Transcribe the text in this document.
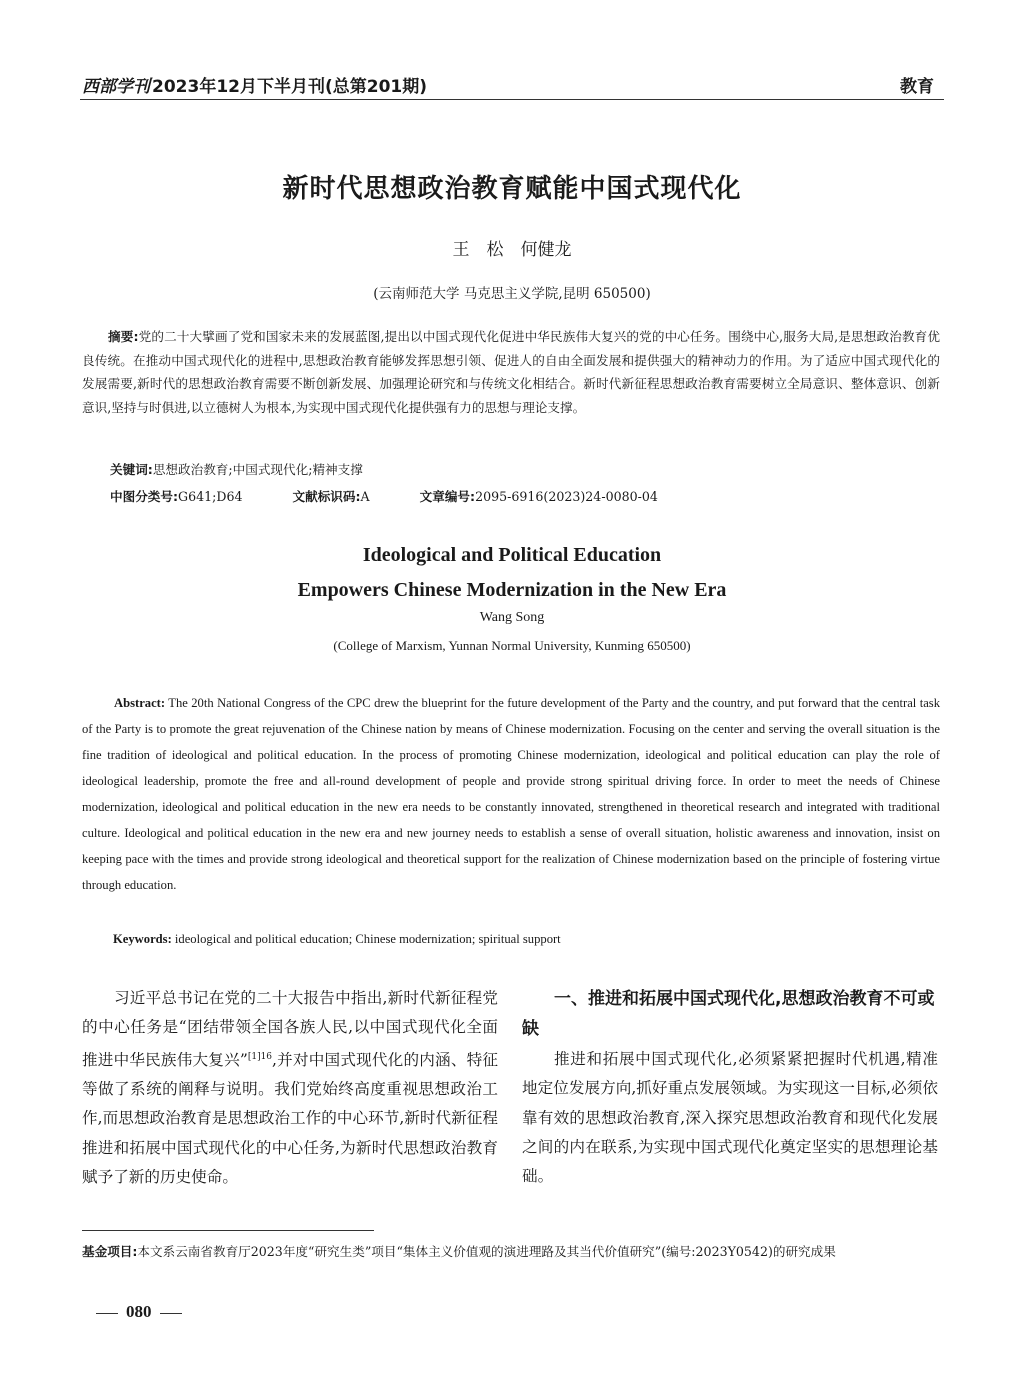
西部学刊 2023年12月下半月刊(总第201期)	教育
新时代思想政治教育赋能中国式现代化
王　松　何健龙
(云南师范大学 马克思主义学院,昆明 650500)
摘要:党的二十大擘画了党和国家未来的发展蓝图,提出以中国式现代化促进中华民族伟大复兴的党的中心任务。围绕中心,服务大局,是思想政治教育优良传统。在推动中国式现代化的进程中,思想政治教育能够发挥思想引领、促进人的自由全面发展和提供强大的精神动力的作用。为了适应中国式现代化的发展需要,新时代的思想政治教育需要不断创新发展、加强理论研究和与传统文化相结合。新时代新征程思想政治教育需要树立全局意识、整体意识、创新意识,坚持与时俱进,以立德树人为根本,为实现中国式现代化提供强有力的思想与理论支撑。
关键词:思想政治教育;中国式现代化;精神支撑
中图分类号:G641;D64	文献标识码:A	文章编号:2095-6916(2023)24-0080-04
Ideological and Political Education
Empowers Chinese Modernization in the New Era
Wang Song
(College of Marxism, Yunnan Normal University, Kunming 650500)
Abstract: The 20th National Congress of the CPC drew the blueprint for the future development of the Party and the country, and put forward that the central task of the Party is to promote the great rejuvenation of the Chinese nation by means of Chinese modernization. Focusing on the center and serving the overall situation is the fine tradition of ideological and political education. In the process of promoting Chinese modernization, ideological and political education can play the role of ideological leadership, promote the free and all-round development of people and provide strong spiritual driving force. In order to meet the needs of Chinese modernization, ideological and political education in the new era needs to be constantly innovated, strengthened in theoretical research and integrated with traditional culture. Ideological and political education in the new era and new journey needs to establish a sense of overall situation, holistic awareness and innovation, insist on keeping pace with the times and provide strong ideological and theoretical support for the realization of Chinese modernization based on the principle of fostering virtue through education.
Keywords: ideological and political education; Chinese modernization; spiritual support
习近平总书记在党的二十大报告中指出,新时代新征程党的中心任务是“团结带领全国各族人民,以中国式现代化全面推进中华民族伟大复兴”$^{[1]16}$,并对中国式现代化的内涵、特征等做了系统的阐释与说明。我们党始终高度重视思想政治工作,而思想政治教育是思想政治工作的中心环节,新时代新征程推进和拓展中国式现代化的中心任务,为新时代思想政治教育赋予了新的历史使命。
一、推进和拓展中国式现代化,思想政治教育不可或缺
推进和拓展中国式现代化,必须紧紧把握时代机遇,精准地定位发展方向,抓好重点发展领域。为实现这一目标,必须依靠有效的思想政治教育,深入探究思想政治教育和现代化发展之间的内在联系,为实现中国式现代化奠定坚实的思想理论基础。
基金项目:本文系云南省教育厅2023年度“研究生类”项目“集体主义价值观的演进理路及其当代价值研究”(编号:2023Y0542)的研究成果
080
